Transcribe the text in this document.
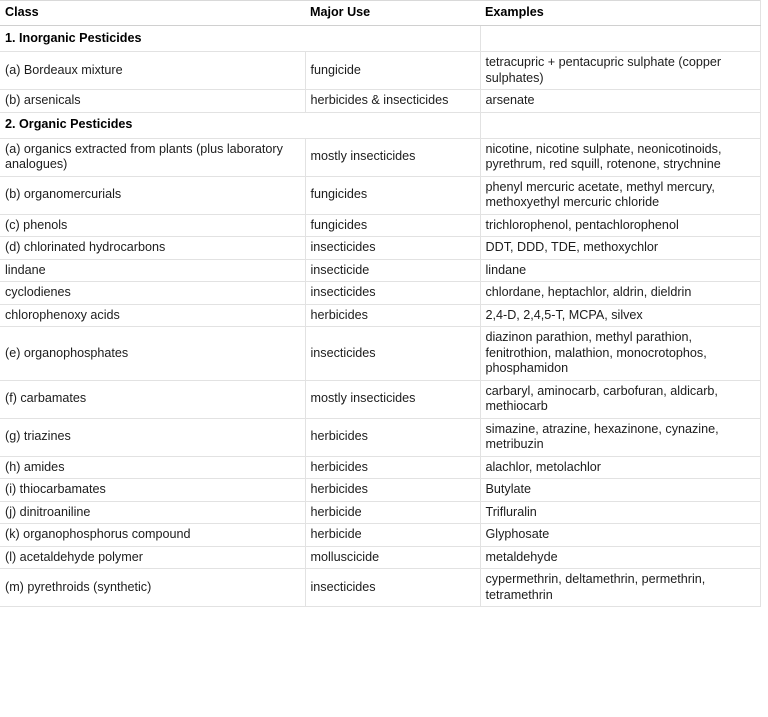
Class	Major Use	Examples
1. Inorganic Pesticides		
(a) Bordeaux mixture	fungicide	tetracupric + pentacupric sulphate (copper sulphates)
(b) arsenicals	herbicides & insecticides	arsenate
2. Organic Pesticides		
(a) organics extracted from plants (plus laboratory analogues)	mostly insecticides	nicotine, nicotine sulphate, neonicotinoids, pyrethrum, red squill, rotenone, strychnine
(b) organomercurials	fungicides	phenyl mercuric acetate, methyl mercury, methoxyethyl mercuric chloride
(c) phenols	fungicides	trichlorophenol, pentachlorophenol
(d) chlorinated hydrocarbons	insecticides	DDT, DDD, TDE, methoxychlor
lindane	insecticide	lindane
cyclodienes	insecticides	chlordane, heptachlor, aldrin, dieldrin
chlorophenoxy acids	herbicides	2,4-D, 2,4,5-T, MCPA, silvex
(e) organophosphates	insecticides	diazinon parathion, methyl parathion, fenitrothion, malathion, monocrotophos, phosphamidon
(f) carbamates	mostly insecticides	carbaryl, aminocarb, carbofuran, aldicarb, methiocarb
(g) triazines	herbicides	simazine, atrazine, hexazinone, cynazine, metribuzin
(h) amides	herbicides	alachlor, metolachlor
(i) thiocarbamates	herbicides	Butylate
(j) dinitroaniline	herbicide	Trifluralin
(k) organophosphorus compound	herbicide	Glyphosate
(l) acetaldehyde polymer	molluscicide	metaldehyde
(m) pyrethroids (synthetic)	insecticides	cypermethrin, deltamethrin, permethrin, tetramethrin
